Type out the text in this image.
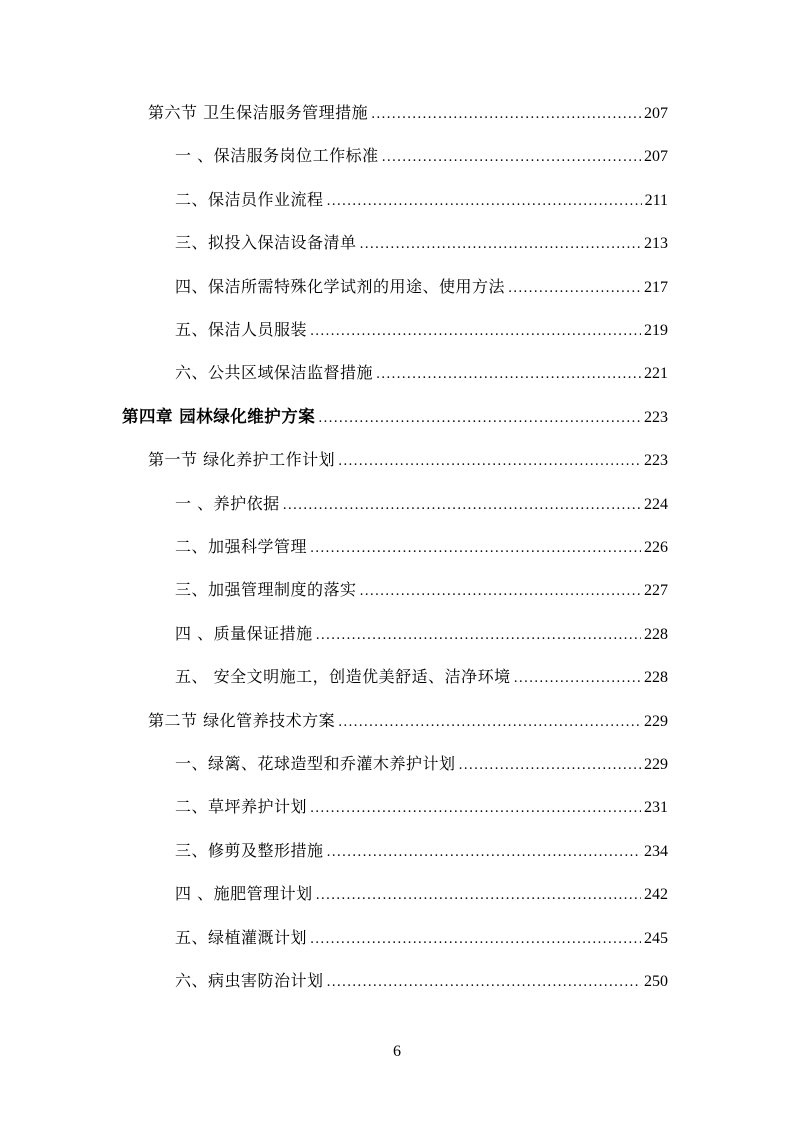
第六节 卫生保洁服务管理措施 .....	207
一 、保洁服务岗位工作标准 .....	207
二、保洁员作业流程 .....	211
三、拟投入保洁设备清单 .....	213
四、保洁所需特殊化学试剂的用途、使用方法 .....	217
五、保洁人员服装 .....	219
六、公共区域保洁监督措施 .....	221
第四章 园林绿化维护方案 .....	223
第一节 绿化养护工作计划 .....	223
一 、养护依据 .....	224
二、加强科学管理 .....	226
三、加强管理制度的落实 .....	227
四 、质量保证措施 .....	228
五、 安全文明施工，创造优美舒适、洁净环境 .....	228
第二节 绿化管养技术方案 .....	229
一、绿篱、花球造型和乔灌木养护计划 .....	229
二、草坪养护计划 .....	231
三、修剪及整形措施 .....	234
四 、施肥管理计划 .....	242
五、绿植灌溉计划 .....	245
六、病虫害防治计划 .....	250
6
